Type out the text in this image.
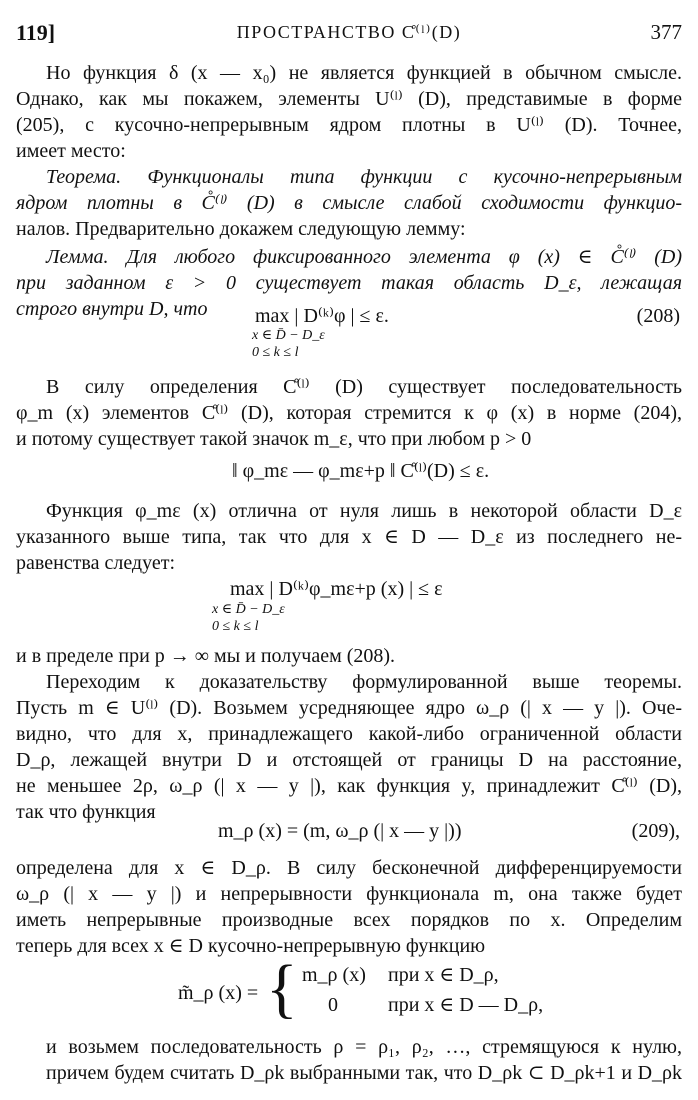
119]	ПРОСТРАНСТВО C̊⁽ˡ⁾(D)	377
Но функция δ (x — x₀) не является функцией в обычном смысле.
Однако, как мы покажем, элементы U⁽ˡ⁾ (D), представимые в форме
(205), с кусочно-непрерывным ядром плотны в U⁽ˡ⁾ (D). Точнее,
имеет место:
Теорема. Функционалы типа функции с кусочно-непрерывным
ядром плотны в C̊⁽ˡ⁾ (D) в смысле слабой сходимости функцио-
налов. Предварительно докажем следующую лемму:
Лемма. Для любого фиксированного элемента φ (x) ∈ C̊⁽ˡ⁾ (D)
при заданном ε > 0 существует такая область D_ε, лежащая
строго внутри D, что	max | D⁽ᵏ⁾φ | ≤ ε.
x ∈ D̄ − D_ε
0 ≤ k ≤ l
(208)
В силу определения C̊⁽ˡ⁾ (D) существует последовательность
φ_m (x) элементов C̊⁽ˡ⁾ (D), которая стремится к φ (x) в норме (204),
и потому существует такой значок m_ε, что при любом p > 0
‖ φ_mε — φ_mε+p ‖ C̊⁽ˡ⁾(D) ≤ ε.
Функция φ_mε (x) отлична от нуля лишь в некоторой области D_ε
указанного выше типа, так что для x ∈ D — D_ε из последнего не-
равенства следует:
max | D⁽ᵏ⁾φ_mε+p (x) | ≤ ε
x ∈ D̄ − D_ε
0 ≤ k ≤ l
и в пределе при p → ∞ мы и получаем (208).
Переходим к доказательству формулированной выше теоремы.
Пусть m ∈ U⁽ˡ⁾ (D). Возьмем усредняющее ядро ω_ρ (| x — y |). Оче-
видно, что для x, принадлежащего какой-либо ограниченной области
D_ρ, лежащей внутри D и отстоящей от границы D на расстояние,
не меньшее 2ρ, ω_ρ (| x — y |), как функция y, принадлежит C̊⁽ˡ⁾ (D),
так что функция
m_ρ (x) = (m, ω_ρ (| x — y |))	(209),
определена для x ∈ D_ρ. В силу бесконечной дифференцируемости
ω_ρ (| x — y |) и непрерывности функционала m, она также будет
иметь непрерывные производные всех порядков по x. Определим
теперь для всех x ∈ D кусочно-непрерывную функцию
m̃_ρ (x) = { m_ρ (x) при x ∈ D_ρ,
0	при x ∈ D — D_ρ,
и возьмем последовательность ρ = ρ₁, ρ₂, …, стремящуюся к нулю,
причем будем считать D_ρk выбранными так, что D_ρk ⊂ D_ρk+1 и D_ρk
